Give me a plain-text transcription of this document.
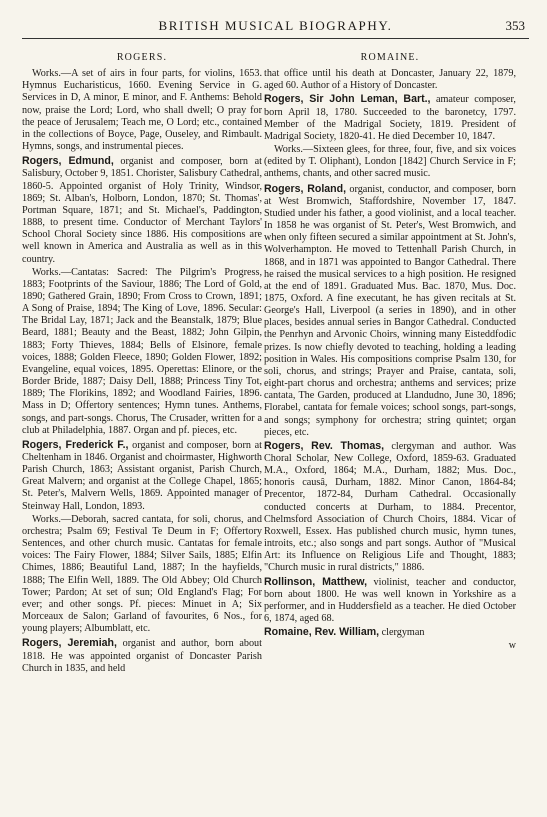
BRITISH MUSICAL BIOGRAPHY.	353
ROGERS.

Works.—A set of airs in four parts, for violins, 1653. Hymnus Eucharisticus, 1660. Evening Service in G. Services in D, A minor, E minor, and F. Anthems: Behold now, praise the Lord; Lord, who shall dwell; O pray for the peace of Jerusalem; Teach me, O Lord; etc., contained in the collections of Boyce, Page, Ouseley, and Rimbault. Hymns, songs, and instrumental pieces.

Rogers, Edmund, organist and composer, born at Salisbury, October 9, 1851. Chorister, Salisbury Cathedral, 1860-5. Appointed organist of Holy Trinity, Windsor, 1869; St. Alban's, Holborn, London, 1870; St. Thomas', Portman Square, 1871; and St. Michael's, Paddington, 1888, to present time. Conductor of Merchant Taylors' School Choral Society since 1886. His compositions are well known in America and Australia as well as in this country.

Works.—Cantatas: Sacred: The Pilgrim's Progress, 1883; Footprints of the Saviour, 1886; The Lord of Gold, 1890; Gathered Grain, 1890; From Cross to Crown, 1891; A Song of Praise, 1894; The King of Love, 1896. Secular: The Bridal Lay, 1871; Jack and the Beanstalk, 1879; Blue Beard, 1881; Beauty and the Beast, 1882; John Gilpin, 1883; Forty Thieves, 1884; Bells of Elsinore, female voices, 1888; Golden Fleece, 1890; Golden Flower, 1892; Evangeline, equal voices, 1895. Operettas: Elinore, or the Border Bride, 1887; Daisy Dell, 1888; Princess Tiny Tot, 1889; The Florikins, 1892; and Woodland Fairies, 1896. Mass in D; Offertory sentences; Hymn tunes. Anthems, songs, and part-songs. Chorus, The Crusader, written for a club at Philadelphia, 1887. Organ and pf. pieces, etc.

Rogers, Frederick F., organist and composer, born at Cheltenham in 1846. Organist and choirmaster, Highworth Parish Church, 1863; Assistant organist, Parish Church, Great Malvern; and organist at the College Chapel, 1865; St. Peter's, Malvern Wells, 1869. Appointed manager of Steinway Hall, London, 1893.

Works.—Deborah, sacred cantata, for soli, chorus, and orchestra; Psalm 69; Festival Te Deum in F; Offertory Sentences, and other church music. Cantatas for female voices: The Fairy Flower, 1884; Silver Sails, 1885; Elfin Chimes, 1886; Beautiful Land, 1887; In the hayfields, 1888; The Elfin Well, 1889. The Old Abbey; Old Church Tower; Pardon; At set of sun; Old England's Flag; For ever; and other songs. Pf. pieces: Minuet in A; Six Morceaux de Salon; Garland of favourites, 6 Nos., for young players; Albumblatt, etc.

Rogers, Jeremiah, organist and author, born about 1818. He was appointed organist of Doncaster Parish Church in 1835, and held

ROMAINE.

that office until his death at Doncaster, January 22, 1879, aged 60. Author of a History of Doncaster.

Rogers, Sir John Leman, Bart., amateur composer, born April 18, 1780. Succeeded to the baronetcy, 1797. Member of the Madrigal Society, 1819. President of Madrigal Society, 1820-41. He died December 10, 1847.

Works.—Sixteen glees, for three, four, five, and six voices (edited by T. Oliphant), London [1842] Church Service in F; anthems, chants, and other sacred music.

Rogers, Roland, organist, conductor, and composer, born at West Bromwich, Staffordshire, November 17, 1847. Studied under his father, a good violinist, and a local teacher. In 1858 he was organist of St. Peter's, West Bromwich, and when only fifteen secured a similar appointment at St. John's, Wolverhampton. He moved to Tettenhall Parish Church, in 1868, and in 1871 was appointed to Bangor Cathedral. There he raised the musical services to a high position. He resigned at the end of 1891. Graduated Mus. Bac. 1870, Mus. Doc. 1875, Oxford. A fine executant, he has given recitals at St. George's Hall, Liverpool (a series in 1890), and in other places, besides annual series in Bangor Cathedral. Conducted the Penrhyn and Arvonic Choirs, winning many Eisteddfodic prizes. Is now chiefly devoted to teaching, holding a leading position in Wales. His compositions comprise Psalm 130, for soli, chorus, and strings; Prayer and Praise, cantata, soli, eight-part chorus and orchestra; anthems and services; prize cantata, The Garden, produced at Llandudno, June 30, 1896; Florabel, cantata for female voices; school songs, part-songs, and songs; symphony for orchestra; string quintet; organ pieces, etc.

Rogers, Rev. Thomas, clergyman and author. Was Choral Scholar, New College, Oxford, 1859-63. Graduated M.A., Oxford, 1864; M.A., Durham, 1882; Mus. Doc., honoris causâ, Durham, 1882. Minor Canon, 1864-84; Precentor, 1872-84, Durham Cathedral. Occasionally conducted concerts at Durham, to 1884. Precentor, Chelmsford Association of Church Choirs, 1884. Vicar of Roxwell, Essex. Has published church music, hymn tunes, introits, etc.; also songs and part songs. Author of "Musical Art: its Influence on Religious Life and Thought, 1883; "Church music in rural districts," 1886.

Rollinson, Matthew, violinist, teacher and conductor, born about 1800. He was well known in Yorkshire as a performer, and in Huddersfield as a teacher. He died October 6, 1874, aged 68.

Romaine, Rev. William, clergyman

w
